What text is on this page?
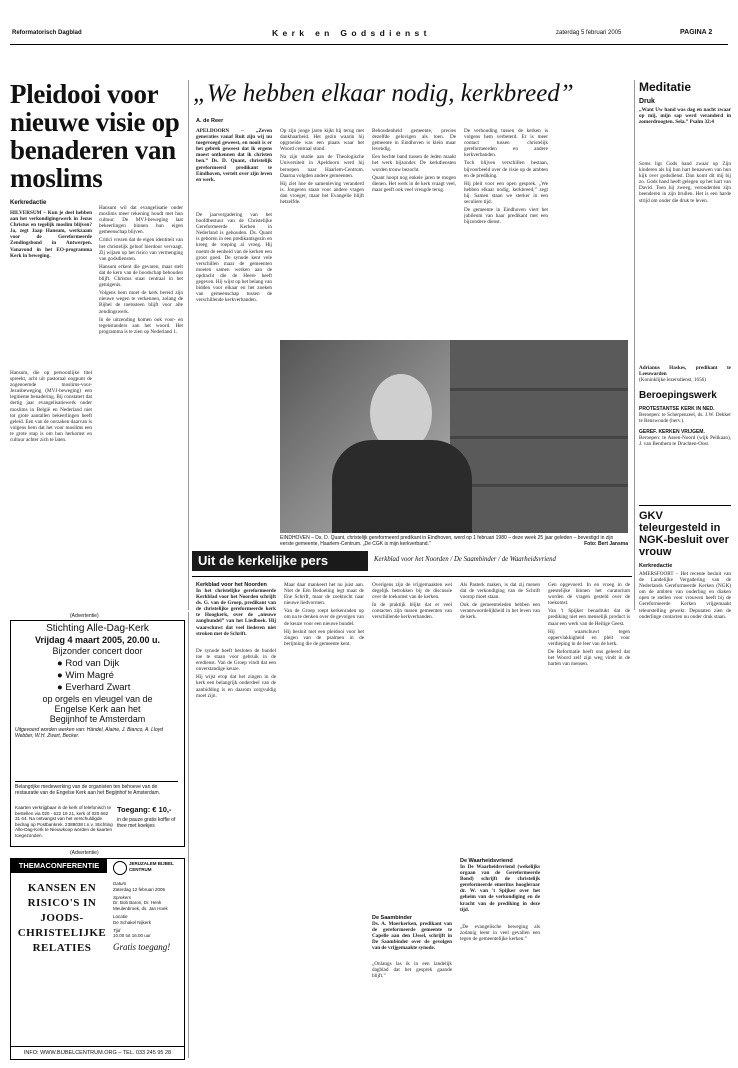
Reformatorisch Dagblad	K e r k   e n   G o d s d i e n s t	zaterdag 5 februari 2005	PAGINA 2
Pleidooi voor nieuwe visie op benaderen van moslims
Kerkredactie
HILVERSUM – Kun je deel hebben aan het verkondigingswerk in Jezus Christus en tegelijk moslim blijven? Ja, zegt Jaap Hansum, werkzaam voor de Gereformeerde Zendingsbond in Antwerpen. Vanavond in het EO-programma Kerk in beweging.
Hansum, die op persoonlijke titel spreekt, acht uit pastoraal oogpunt de zogenoemde moslims-voor-Jezusbeweging (MVJ-beweging) een legitieme benadering. Bij constatert dat dertig jaar evangelisatiewerk onder moslims in België en Nederland niet tot grote aantallen bekeerlingen heeft geleid. Een van de oorzaken daarvan is volgens hem dat het voor moslims een te grote stap is om hun herkomst en cultuur achter zich te laten.

Hansum wil dat evangelisatie onder moslims meer rekening houdt met hun cultuur. De MVJ-beweging laat bekeerlingen binnen hun eigen gemeenschap blijven.

Critici vrezen dat de eigen identiteit van het christelijk geloof hierdoor vervaagt. Zij wijzen op het risico van vermenging van godsdiensten.

Hansum erkent die gevaren, maar stelt dat de kern van de boodschap behouden blijft. Christus staat centraal in het getuigenis.

Volgens hem moet de kerk bereid zijn nieuwe wegen te verkennen, zolang de Bijbel de toetssteen blijft voor alle zendingswerk.

In de uitzending komen ook voor- en tegenstanders aan het woord. Het programma is te zien op Nederland 1.

„We hebben elkaar nodig, kerkbreed”
A. de Reer
APELDOORN – „Zeven generaties vanaf Ruit zijn wij nu toegevoegd geweest, en nooit is er het gebrek geweest dat ik ergens moest ontkennen dat ik christen ben.” Ds. D. Quant, christelijk gereformeerd predikant te Eindhoven, vertelt over zijn leven en werk.
De jaarvergadering van het hoofdbestuur van de Christelijke Gereformeerde Kerken in Nederland is gehouden. Ds. Quant is geboren in een predikantsgezin en kreeg de roeping al vroeg. Hij noemt de eenheid van de kerken een groot goed. De synode kent vele verschillen maar de gemeenten moeten samen werken aan de opdracht die de Heere heeft gegeven. Hij wijst op het belang van bidden voor elkaar en het zoeken van gemeenschap tussen de verschillende kerkverbanden.

Op zijn jonge jaren kijkt hij terug met dankbaarheid. Het gezin waarin hij opgroeide was een plaats waar het Woord centraal stond.

Na zijn studie aan de Theologische Universiteit in Apeldoorn werd hij beroepen naar Haarlem-Centrum. Daarna volgden andere gemeenten.

Hij ziet hoe de samenleving veranderd is. Jongeren staan voor andere vragen dan vroeger, maar het Evangelie blijft hetzelfde.

Behoudenheid gemeente, precies dezelfde gelovigen als toen. De gemeente in Eindhoven is klein maar levendig.

Een hechte band tussen de leden maakt het werk bijzonder. De kerkdiensten worden trouw bezocht.

Quant hoopt nog enkele jaren te mogen dienen. Het werk in de kerk vraagt veel, maar geeft ook veel vreugde terug.

De verhouding tussen de kerken is volgens hem verbeterd. Er is meer contact tussen christelijk gereformeerden en andere kerkverbanden.

Toch blijven verschillen bestaan, bijvoorbeeld over de visie op de ambten en de prediking.

Hij pleit voor een open gesprek. „We hebben elkaar nodig, kerkbreed,” zegt hij. Samen staan we sterker in een seculiere tijd.

De gemeente in Eindhoven viert het jubileum van haar predikant met een bijzondere dienst.

EINDHOVEN – Ds. D. Quant, christelijk gereformeerd predikant in Eindhoven, werd op 1 februari 1980 – deze week 25 jaar geleden – bevestigd in zijn eerste gemeente, Haarlem-Centrum. „De CGK is mijn kerkverband.”	Foto: Bert Jansma
Meditatie
Druk
„Want Uw hand was dag en nacht zwaar op mij, mijn sap werd veranderd in zomerdroogten. Sela.” Psalm 32:4
Soms ligt Gods hand zwaar op Zijn kinderen als hij hun hart benauwen van hun kijk over godsdienst. Dan komt dit mij bij zo. Gods hand heeft gelegen op het hart van David. Toen hij zweeg, verouderden zijn beenderen in zijn brullen. Het is een harde strijd om onder die druk te leven.
Adrianus Haskes, predikant te Leeuwarden
(Koninklijke lezersdienst, 1656)
Beroepingswerk
PROTESTANTSE KERK IN NED.
Beroepen: te Scherpenzeel, ds. J.W. Dekker te Renswoude (herv.).
GEREF. KERKEN VRIJGEM.
Beroepen: te Assen-Noord (wijk Pelikaan), J. van Benthem te Drachten-Oost.
GKV teleurgesteld in NGK-besluit over vrouw
Kerkredactie
AMERSFOORT – Het recente besluit van de Landelijke Vergadering van de Nederlands Gereformeerde Kerken (NGK) om de ambten van ouderling en diaken open te stellen voor vrouwen heeft bij de Gereformeerde Kerken vrijgemaakt teleurstelling gewekt. Deputaten zien de onderlinge contacten nu onder druk staan.
(Advertentie)
Stichting Alle-Dag-Kerk
Vrijdag 4 maart 2005, 20.00 u.
Bijzonder concert door
● Rod van Dijk
● Wim Magré
● Everhard Zwart
op orgels en vleugel van de
Engelse Kerk aan het
Begijnhof te Amsterdam
Uitgevoerd worden werken van: Händel, Alaine, J. Bianco, A. Lloyd Webber, W.H. Zwart, Becker.
Belangrijke medewerking van de organisten ten behoeve van de restauratie van de Engelse Kerk aan het Begijnhof te Amsterdam.
Kaarten verkrijgbaar in de kerk of telefonisch te bestellen via 020 - 622 19 21, kerk of 020 662 31 64. Na ontvangst van het verschuldigde bedrag op Postbankrek. 2389038 t.n.v. Stichting Alle-Dag-Kerk te Nieuwkoop worden de kaarten toegezonden.
Toegang: € 10,-
in de pauze gratis koffie of thee met koekjes
(Advertentie)
THEMACONFERENTIE	JERUZALEM BIJBEL CENTRUM
KANSEN EN RISICO'S IN JOODS-CHRISTELIJKE RELATIES
Datum
Zaterdag 12 februari 2005
Sprekers
Dr. Bob Baron, Dr. Henk Meulenbroek, ds. Jan Hoek
Locatie
De Schakel Nijkerk
Tijd
10.00 tot 16.00 uur
Gratis toegang!
INFO: WWW.BIJBELCENTRUM.ORG – TEL. 033 245 95 28
Uit de kerkelijke pers	Kerkblad voor het Noorden / De Saambinder / de Waarheidsvriend
Kerkblad voor het Noorden
In het christelijke gereformeerde Kerkblad voor het Noorden schrijft ds. G. van de Groep, predikant van de christelijke gereformeerde kerk te Hoogkerk, over de „nieuwe zangbundel” van het Liedboek. Hij waarschuwt dat veel liederen niet stroken met de Schrift.

De synode heeft besloten de bundel toe te staan voor gebruik in de eredienst. Van de Groep vindt dat een onverstandige keuze.

Hij wijst erop dat het zingen in de kerk een belangrijk onderdeel van de aanbidding is en daarom zorgvuldig moet zijn.

Maar daar mankeert het nu juist aan. Niet de Eén Bedoeling legt maat de Ene Schrift, maar de zoektocht naar nieuwe liedvormen.

Van de Groep roept kerkenraden op om na te denken over de gevolgen van de keuze voor een nieuwe bundel.

Hij besluit met een pleidooi voor het zingen van de psalmen in de berijming die de gemeente kent.

Overigens zijn de vrijgemaakten wel degelijk betrokken bij de discussie over de toekomst van de kerken.

In de praktijk blijkt dat er veel contacten zijn tussen gemeenten van verschillende kerkverbanden.

De Saambinder
Ds. A. Moerkerken, predikant van de gereformeerde gemeente te Capelle aan den IJssel, schrijft in De Saambinder over de gevolgen van de vrijgemaakte synode.

„Onlangs las ik in een landelijk dagblad dat het gesprek gaande blijft.”

Als Pasterk maken, is dat zij menen dat de verkondiging van de Schrift voorop moet staan.

Ook de gemeenteleden hebben een verantwoordelijkheid in het leven van de kerk.

De Waarheidsvriend
In De Waarheidsvriend (wekelijks orgaan van de Gereformeerde Bond) schrijft de christelijk gereformeerde emeritus hoogleraar dr. W. van 't Spijker over het geheim van de verkondiging en de kracht van de prediking in deze tijd.

„De evangelische beweging als zodanig leent in veel gevallen een tegen de gemeentelijke kerken.”

Gen opgevoerd. In en vroeg in de geestelijke binnen het curatorium worden de vragen gesteld over de toekomst.

Van 't Spijker benadrukt dat de prediking niet een menselijk product is maar een werk van de Heilige Geest.

Hij waarschuwt tegen oppervlakkigheid en pleit voor verdieping in de leer van de kerk.

De Reformatie heeft ons geleerd dat het Woord zelf zijn weg vindt in de harten van mensen.
